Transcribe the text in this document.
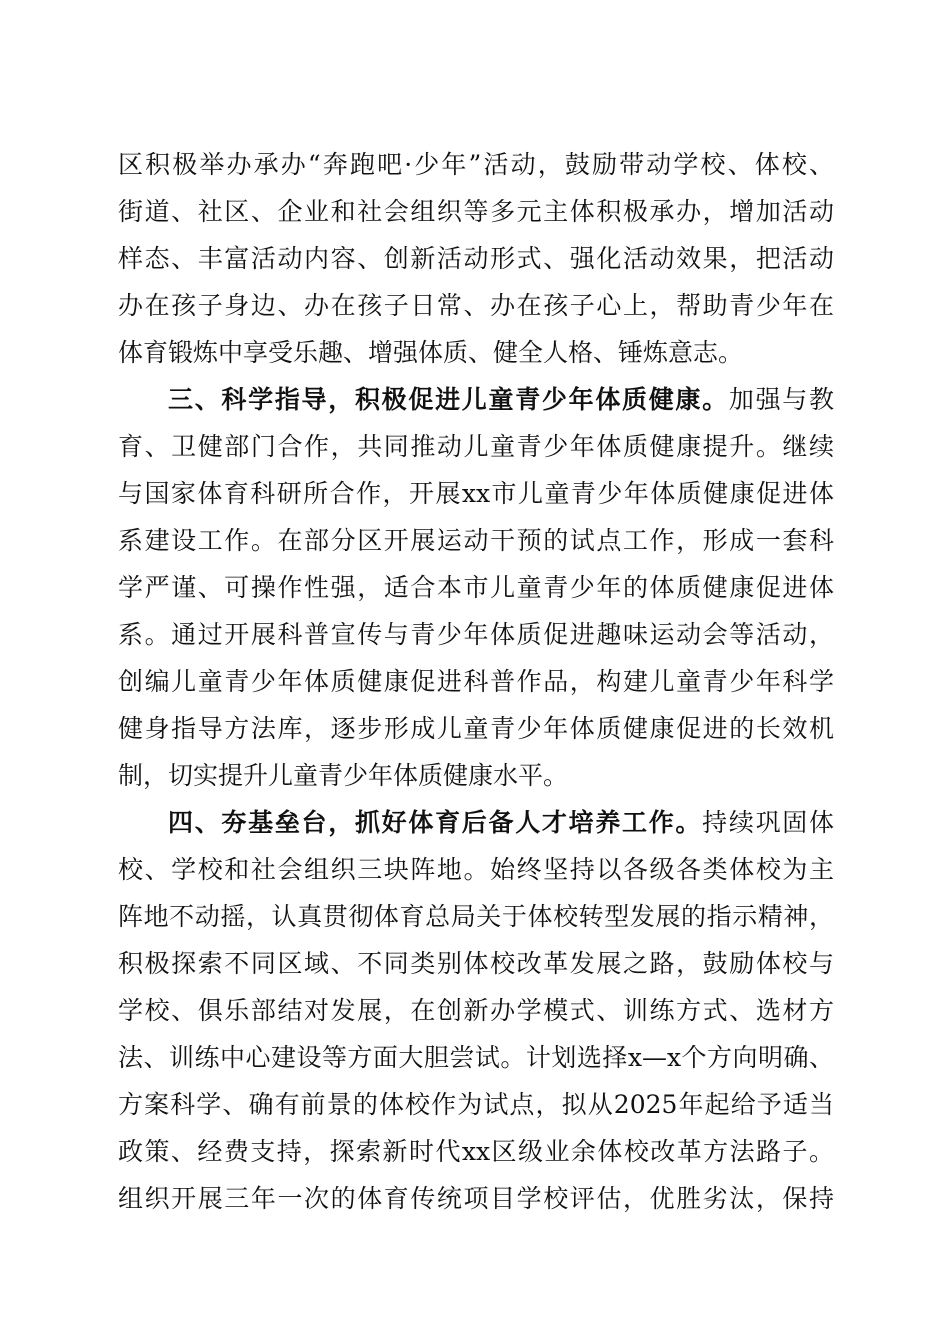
区积极举办承办“奔跑吧·少年”活动，鼓励带动学校、体校、
街道、社区、企业和社会组织等多元主体积极承办，增加活动
样态、丰富活动内容、创新活动形式、强化活动效果，把活动
办在孩子身边、办在孩子日常、办在孩子心上，帮助青少年在
体育锻炼中享受乐趣、增强体质、健全人格、锤炼意志。
三、科学指导，积极促进儿童青少年体质健康。加强与教
育、卫健部门合作，共同推动儿童青少年体质健康提升。继续
与国家体育科研所合作，开展xx市儿童青少年体质健康促进体
系建设工作。在部分区开展运动干预的试点工作，形成一套科
学严谨、可操作性强，适合本市儿童青少年的体质健康促进体
系。通过开展科普宣传与青少年体质促进趣味运动会等活动，
创编儿童青少年体质健康促进科普作品，构建儿童青少年科学
健身指导方法库，逐步形成儿童青少年体质健康促进的长效机
制，切实提升儿童青少年体质健康水平。
四、夯基垒台，抓好体育后备人才培养工作。持续巩固体
校、学校和社会组织三块阵地。始终坚持以各级各类体校为主
阵地不动摇，认真贯彻体育总局关于体校转型发展的指示精神，
积极探索不同区域、不同类别体校改革发展之路，鼓励体校与
学校、俱乐部结对发展，在创新办学模式、训练方式、选材方
法、训练中心建设等方面大胆尝试。计划选择x—x个方向明确、
方案科学、确有前景的体校作为试点，拟从2025年起给予适当
政策、经费支持，探索新时代xx区级业余体校改革方法路子。
组织开展三年一次的体育传统项目学校评估，优胜劣汰，保持
